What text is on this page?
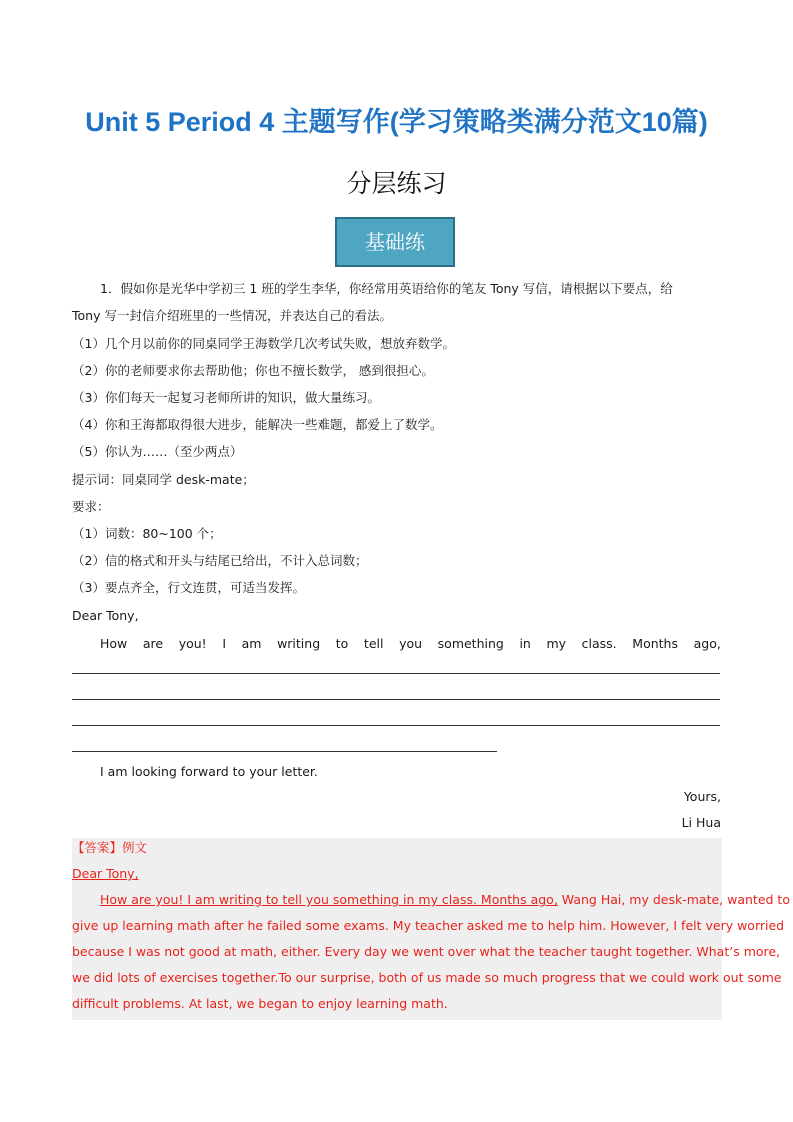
Unit 5 Period 4 主题写作(学习策略类满分范文10篇)
分层练习
基础练
1．假如你是光华中学初三 1 班的学生李华，你经常用英语给你的笔友 Tony 写信，请根据以下要点，给
Tony 写一封信介绍班里的一些情况，并表达自己的看法。
（1）几个月以前你的同桌同学王海数学几次考试失败，想放弃数学。
（2）你的老师要求你去帮助他；你也不擅长数学， 感到很担心。
（3）你们每天一起复习老师所讲的知识，做大量练习。
（4）你和王海都取得很大进步，能解决一些难题，都爱上了数学。
（5）你认为……（至少两点）
提示词：同桌同学 desk-mate；
要求：
（1）词数：80~100 个；
（2）信的格式和开头与结尾已给出，不计入总词数；
（3）要点齐全，行文连贯，可适当发挥。
Dear Tony,
How are you! I am writing to tell you something in my class. Months ago,
I am looking forward to your letter.
Yours,
Li Hua
【答案】例文
Dear Tony,
How are you! I am writing to tell you something in my class. Months ago, Wang Hai, my desk-mate, wanted to
give up learning math after he failed some exams. My teacher asked me to help him. However, I felt very worried
because I was not good at math, either. Every day we went over what the teacher taught together. What’s more,
we did lots of exercises together.To our surprise, both of us made so much progress that we could work out some
difficult problems. At last, we began to enjoy learning math.
